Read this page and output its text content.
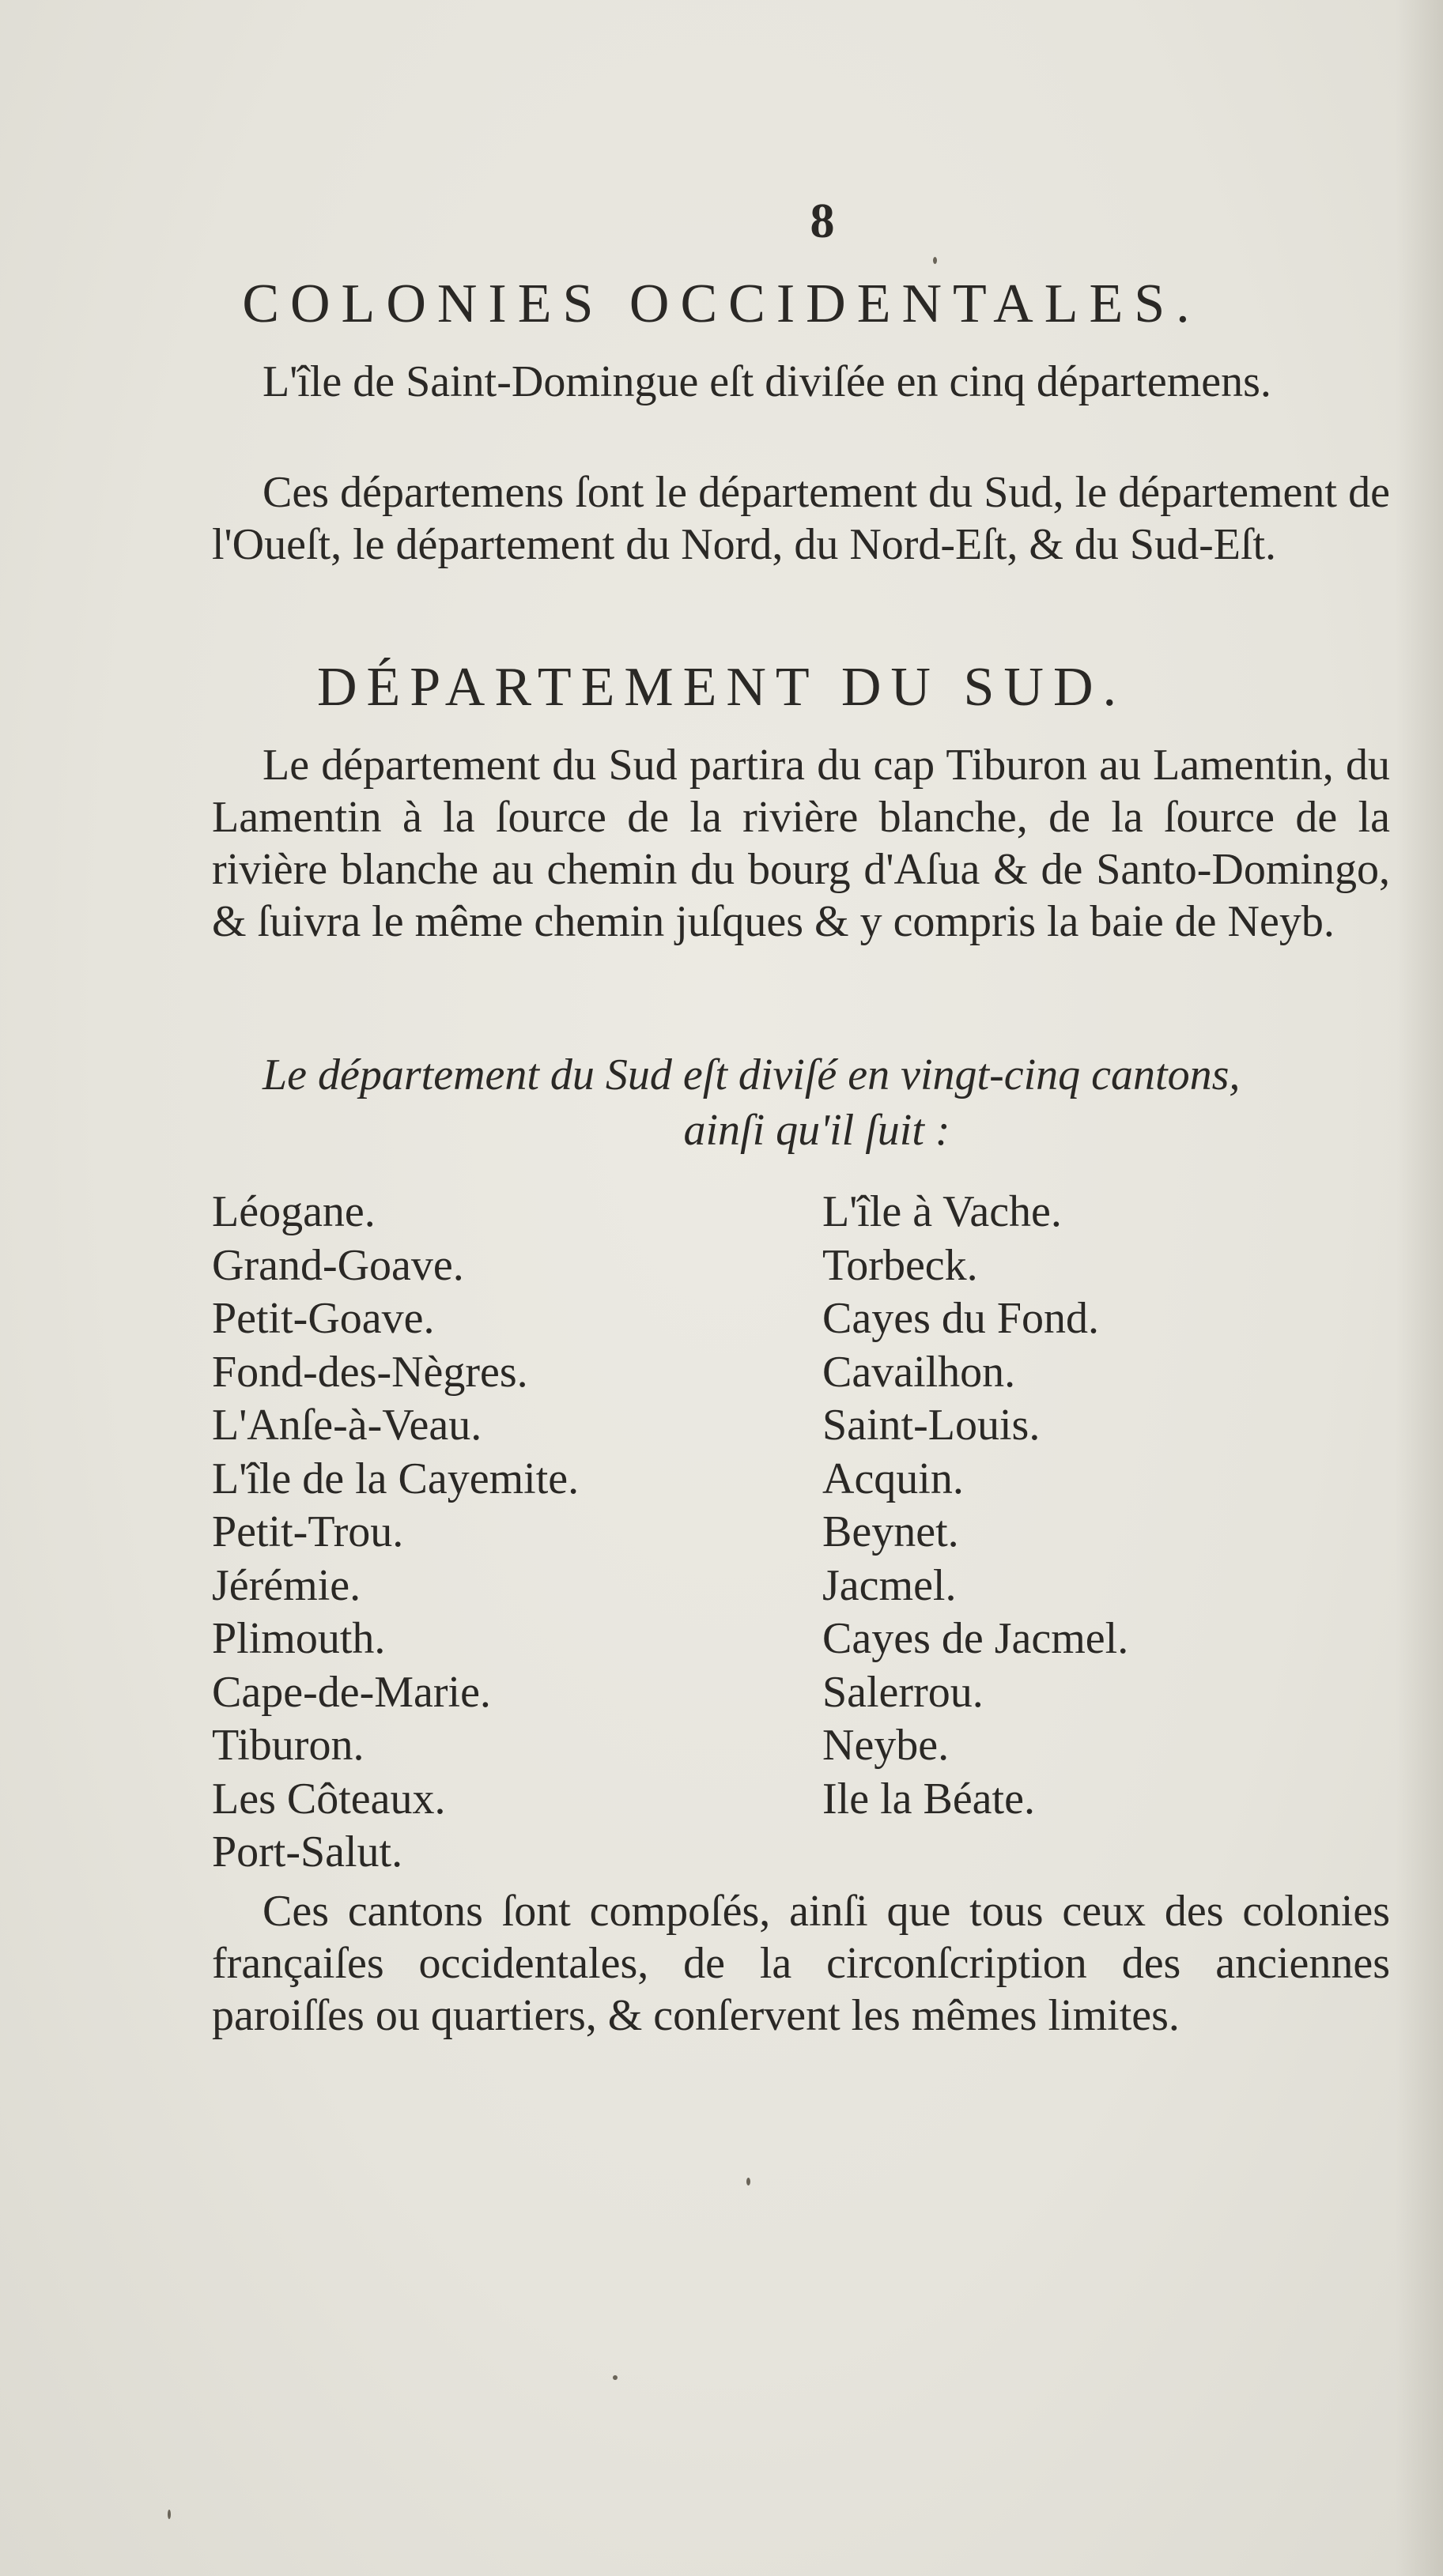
8
COLONIES OCCIDENTALES.

L'île de Saint-Domingue eſt diviſée en cinq départemens.

Ces départemens ſont le département du Sud, le département de l'Oueſt, le département du Nord, du Nord-Eſt, & du Sud-Eſt.

DÉPARTEMENT DU SUD.

Le département du Sud partira du cap Tiburon au Lamentin, du Lamentin à la ſource de la rivière blanche, de la ſource de la rivière blanche au chemin du bourg d'Aſua & de Santo-Domingo, & ſuivra le même chemin juſques & y compris la baie de Neyb.

Le département du Sud eſt diviſé en vingt-cinq cantons,
ainſi qu'il ſuit :

Léogane.
Grand-Goave.
Petit-Goave.
Fond-des-Nègres.
L'Anſe-à-Veau.
L'île de la Cayemite.
Petit-Trou.
Jérémie.
Plimouth.
Cape-de-Marie.
Tiburon.
Les Côteaux.
Port-Salut.
L'île à Vache.
Torbeck.
Cayes du Fond.
Cavailhon.
Saint-Louis.
Acquin.
Beynet.
Jacmel.
Cayes de Jacmel.
Salerrou.
Neybe.
Ile la Béate.

Ces cantons ſont compoſés, ainſi que tous ceux des colonies françaiſes occidentales, de la circonſcription des anciennes paroiſſes ou quartiers, & conſervent les mêmes limites.
